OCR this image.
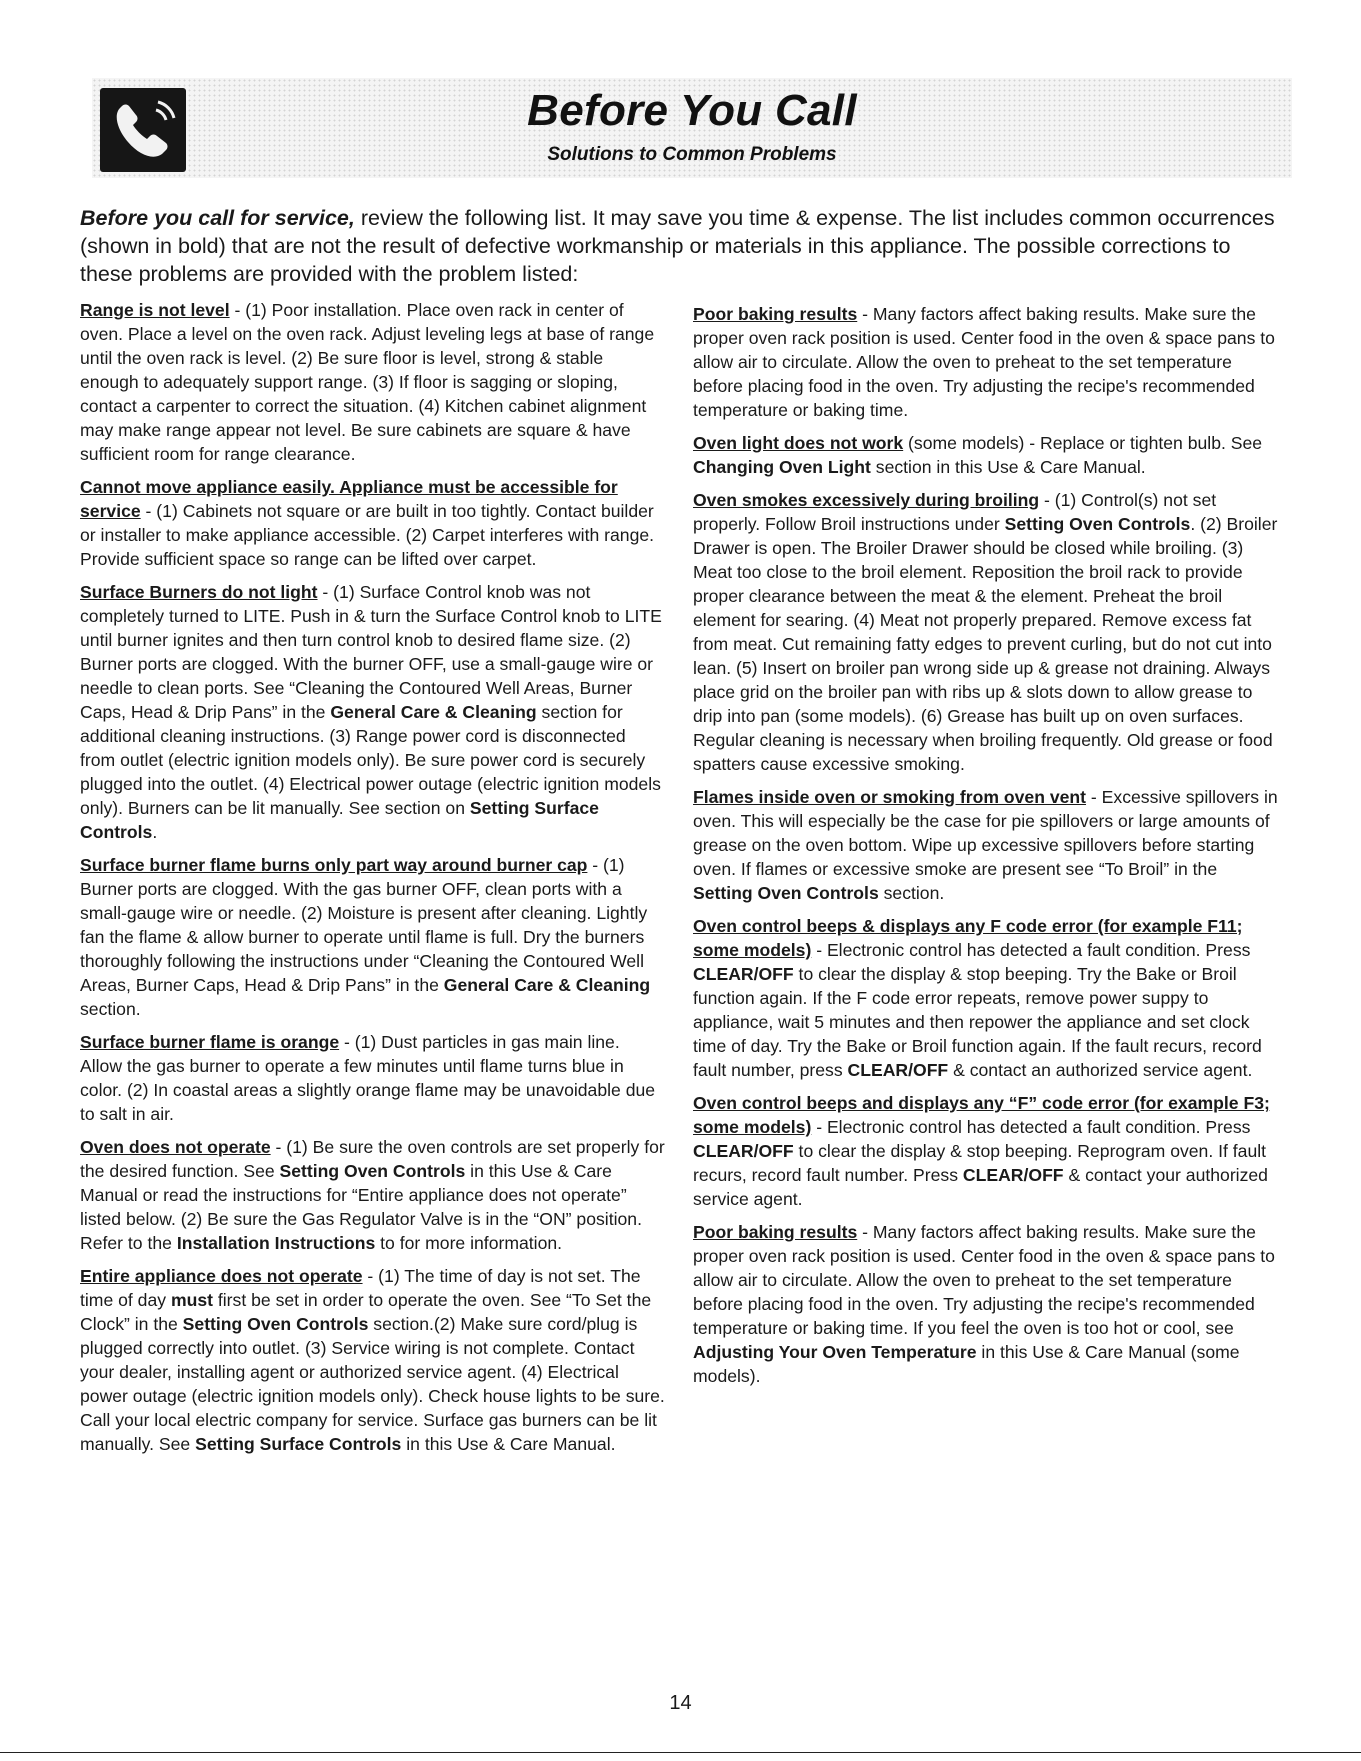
Before You Call
Solutions to Common Problems

Before you call for service, review the following list. It may save you time & expense. The list includes common occurrences (shown in bold) that are not the result of defective workmanship or materials in this appliance. The possible corrections to these problems are provided with the problem listed:

Range is not level - (1) Poor installation. Place oven rack in center of oven. Place a level on the oven rack. Adjust leveling legs at base of range until the oven rack is level. (2) Be sure floor is level, strong & stable enough to adequately support range. (3) If floor is sagging or sloping, contact a carpenter to correct the situation. (4) Kitchen cabinet alignment may make range appear not level. Be sure cabinets are square & have sufficient room for range clearance.

Cannot move appliance easily. Appliance must be accessible for service - (1) Cabinets not square or are built in too tightly. Contact builder or installer to make appliance accessible. (2) Carpet interferes with range. Provide sufficient space so range can be lifted over carpet.

Surface Burners do not light - (1) Surface Control knob was not completely turned to LITE. Push in & turn the Surface Control knob to LITE until burner ignites and then turn control knob to desired flame size. (2) Burner ports are clogged. With the burner OFF, use a small-gauge wire or needle to clean ports. See “Cleaning the Contoured Well Areas, Burner Caps, Head & Drip Pans” in the General Care & Cleaning section for additional cleaning instructions. (3) Range power cord is disconnected from outlet (electric ignition models only). Be sure power cord is securely plugged into the outlet. (4) Electrical power outage (electric ignition models only). Burners can be lit manually. See section on Setting Surface Controls.

Surface burner flame burns only part way around burner cap - (1) Burner ports are clogged. With the gas burner OFF, clean ports with a small-gauge wire or needle. (2) Moisture is present after cleaning. Lightly fan the flame & allow burner to operate until flame is full. Dry the burners thoroughly following the instructions under “Cleaning the Contoured Well Areas, Burner Caps, Head & Drip Pans” in the General Care & Cleaning section.

Surface burner flame is orange - (1) Dust particles in gas main line. Allow the gas burner to operate a few minutes until flame turns blue in color. (2) In coastal areas a slightly orange flame may be unavoidable due to salt in air.

Oven does not operate - (1) Be sure the oven controls are set properly for the desired function. See Setting Oven Controls in this Use & Care Manual or read the instructions for “Entire appliance does not operate” listed below. (2) Be sure the Gas Regulator Valve is in the “ON” position. Refer to the Installation Instructions to for more information.

Entire appliance does not operate - (1) The time of day is not set. The time of day must first be set in order to operate the oven. See “To Set the Clock” in the Setting Oven Controls section.(2) Make sure cord/plug is plugged correctly into outlet. (3) Service wiring is not complete. Contact your dealer, installing agent or authorized service agent. (4) Electrical power outage (electric ignition models only). Check house lights to be sure. Call your local electric company for service. Surface gas burners can be lit manually. See Setting Surface Controls in this Use & Care Manual.

Poor baking results - Many factors affect baking results. Make sure the proper oven rack position is used. Center food in the oven & space pans to allow air to circulate. Allow the oven to preheat to the set temperature before placing food in the oven. Try adjusting the recipe's recommended temperature or baking time.

Oven light does not work (some models) - Replace or tighten bulb. See Changing Oven Light section in this Use & Care Manual.

Oven smokes excessively during broiling - (1) Control(s) not set properly. Follow Broil instructions under Setting Oven Controls. (2) Broiler Drawer is open. The Broiler Drawer should be closed while broiling. (3) Meat too close to the broil element. Reposition the broil rack to provide proper clearance between the meat & the element. Preheat the broil element for searing. (4) Meat not properly prepared. Remove excess fat from meat. Cut remaining fatty edges to prevent curling, but do not cut into lean. (5) Insert on broiler pan wrong side up & grease not draining. Always place grid on the broiler pan with ribs up & slots down to allow grease to drip into pan (some models). (6) Grease has built up on oven surfaces. Regular cleaning is necessary when broiling frequently. Old grease or food spatters cause excessive smoking.

Flames inside oven or smoking from oven vent - Excessive spillovers in oven. This will especially be the case for pie spillovers or large amounts of grease on the oven bottom. Wipe up excessive spillovers before starting oven. If flames or excessive smoke are present see “To Broil” in the Setting Oven Controls section.

Oven control beeps & displays any F code error (for example F11; some models) - Electronic control has detected a fault condition. Press CLEAR/OFF to clear the display & stop beeping. Try the Bake or Broil function again. If the F code error repeats, remove power suppy to appliance, wait 5 minutes and then repower the appliance and set clock time of day. Try the Bake or Broil function again. If the fault recurs, record fault number, press CLEAR/OFF & contact an authorized service agent.

Oven control beeps and displays any “F” code error (for example F3; some models) - Electronic control has detected a fault condition. Press CLEAR/OFF to clear the display & stop beeping. Reprogram oven. If fault recurs, record fault number. Press CLEAR/OFF & contact your authorized service agent.

Poor baking results - Many factors affect baking results. Make sure the proper oven rack position is used. Center food in the oven & space pans to allow air to circulate. Allow the oven to preheat to the set temperature before placing food in the oven. Try adjusting the recipe's recommended temperature or baking time. If you feel the oven is too hot or cool, see Adjusting Your Oven Temperature in this Use & Care Manual (some models).

14
